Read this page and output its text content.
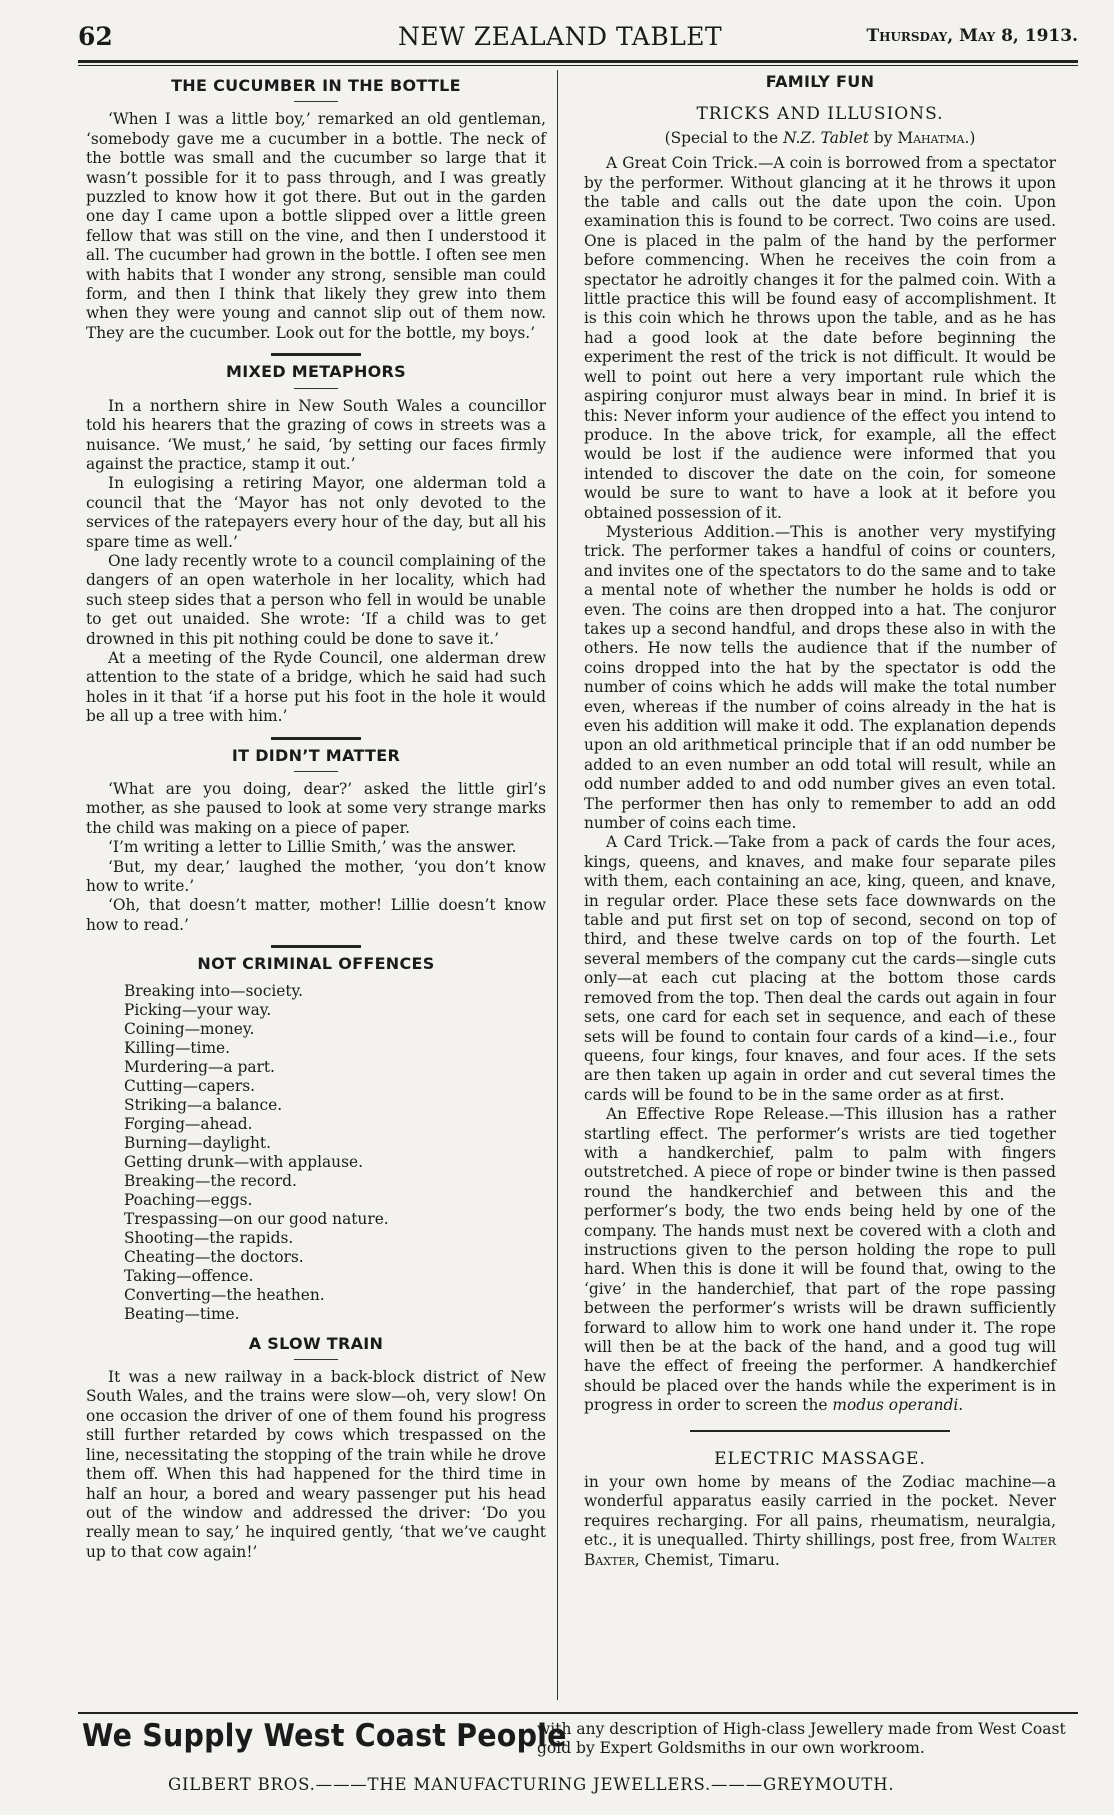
62	NEW ZEALAND TABLET	Thursday, May 8, 1913.
THE CUCUMBER IN THE BOTTLE

‘When I was a little boy,’ remarked an old gentleman, ‘somebody gave me a cucumber in a bottle. The neck of the bottle was small and the cucumber so large that it wasn’t possible for it to pass through, and I was greatly puzzled to know how it got there. But out in the garden one day I came upon a bottle slipped over a little green fellow that was still on the vine, and then I understood it all. The cucumber had grown in the bottle. I often see men with habits that I wonder any strong, sensible man could form, and then I think that likely they grew into them when they were young and cannot slip out of them now. They are the cucumber. Look out for the bottle, my boys.’

MIXED METAPHORS

In a northern shire in New South Wales a councillor told his hearers that the grazing of cows in streets was a nuisance. ‘We must,’ he said, ‘by setting our faces firmly against the practice, stamp it out.’

In eulogising a retiring Mayor, one alderman told a council that the ‘Mayor has not only devoted to the services of the ratepayers every hour of the day, but all his spare time as well.’

One lady recently wrote to a council complaining of the dangers of an open waterhole in her locality, which had such steep sides that a person who fell in would be unable to get out unaided. She wrote: ‘If a child was to get drowned in this pit nothing could be done to save it.’

At a meeting of the Ryde Council, one alderman drew attention to the state of a bridge, which he said had such holes in it that ‘if a horse put his foot in the hole it would be all up a tree with him.’

IT DIDN’T MATTER

‘What are you doing, dear?’ asked the little girl’s mother, as she paused to look at some very strange marks the child was making on a piece of paper.

‘I’m writing a letter to Lillie Smith,’ was the answer.

‘But, my dear,’ laughed the mother, ‘you don’t know how to write.’

‘Oh, that doesn’t matter, mother! Lillie doesn’t know how to read.’

NOT CRIMINAL OFFENCES
Breaking into—society.
Picking—your way.
Coining—money.
Killing—time.
Murdering—a part.
Cutting—capers.
Striking—a balance.
Forging—ahead.
Burning—daylight.
Getting drunk—with applause.
Breaking—the record.
Poaching—eggs.
Trespassing—on our good nature.
Shooting—the rapids.
Cheating—the doctors.
Taking—offence.
Converting—the heathen.
Beating—time.
A SLOW TRAIN

It was a new railway in a back-block district of New South Wales, and the trains were slow—oh, very slow! On one occasion the driver of one of them found his progress still further retarded by cows which trespassed on the line, necessitating the stopping of the train while he drove them off. When this had happened for the third time in half an hour, a bored and weary passenger put his head out of the window and addressed the driver: ‘Do you really mean to say,’ he inquired gently, ‘that we’ve caught up to that cow again!’

FAMILY FUN
TRICKS AND ILLUSIONS.
(Special to the N.Z. Tablet by Mahatma.)

A Great Coin Trick.—A coin is borrowed from a spectator by the performer. Without glancing at it he throws it upon the table and calls out the date upon the coin. Upon examination this is found to be correct. Two coins are used. One is placed in the palm of the hand by the performer before commencing. When he receives the coin from a spectator he adroitly changes it for the palmed coin. With a little practice this will be found easy of accomplishment. It is this coin which he throws upon the table, and as he has had a good look at the date before beginning the experiment the rest of the trick is not difficult. It would be well to point out here a very important rule which the aspiring conjuror must always bear in mind. In brief it is this: Never inform your audience of the effect you intend to produce. In the above trick, for example, all the effect would be lost if the audience were informed that you intended to discover the date on the coin, for someone would be sure to want to have a look at it before you obtained possession of it.

Mysterious Addition.—This is another very mystifying trick. The performer takes a handful of coins or counters, and invites one of the spectators to do the same and to take a mental note of whether the number he holds is odd or even. The coins are then dropped into a hat. The conjuror takes up a second handful, and drops these also in with the others. He now tells the audience that if the number of coins dropped into the hat by the spectator is odd the number of coins which he adds will make the total number even, whereas if the number of coins already in the hat is even his addition will make it odd. The explanation depends upon an old arithmetical principle that if an odd number be added to an even number an odd total will result, while an odd number added to and odd number gives an even total. The performer then has only to remember to add an odd number of coins each time.

A Card Trick.—Take from a pack of cards the four aces, kings, queens, and knaves, and make four separate piles with them, each containing an ace, king, queen, and knave, in regular order. Place these sets face downwards on the table and put first set on top of second, second on top of third, and these twelve cards on top of the fourth. Let several members of the company cut the cards—single cuts only—at each cut placing at the bottom those cards removed from the top. Then deal the cards out again in four sets, one card for each set in sequence, and each of these sets will be found to contain four cards of a kind—i.e., four queens, four kings, four knaves, and four aces. If the sets are then taken up again in order and cut several times the cards will be found to be in the same order as at first.

An Effective Rope Release.—This illusion has a rather startling effect. The performer’s wrists are tied together with a handkerchief, palm to palm with fingers outstretched. A piece of rope or binder twine is then passed round the handkerchief and between this and the performer’s body, the two ends being held by one of the company. The hands must next be covered with a cloth and instructions given to the person holding the rope to pull hard. When this is done it will be found that, owing to the ‘give’ in the handerchief, that part of the rope passing between the performer’s wrists will be drawn sufficiently forward to allow him to work one hand under it. The rope will then be at the back of the hand, and a good tug will have the effect of freeing the performer. A handkerchief should be placed over the hands while the experiment is in progress in order to screen the modus operandi.

ELECTRIC MASSAGE.

in your own home by means of the Zodiac machine—a wonderful apparatus easily carried in the pocket. Never requires recharging. For all pains, rheumatism, neuralgia, etc., it is unequalled. Thirty shillings, post free, from Walter Baxter, Chemist, Timaru.

We Supply West Coast People
with any description of High-class Jewellery made from West Coast gold by Expert Goldsmiths in our own workroom.
GILBERT BROS.———THE MANUFACTURING JEWELLERS.———GREYMOUTH.
